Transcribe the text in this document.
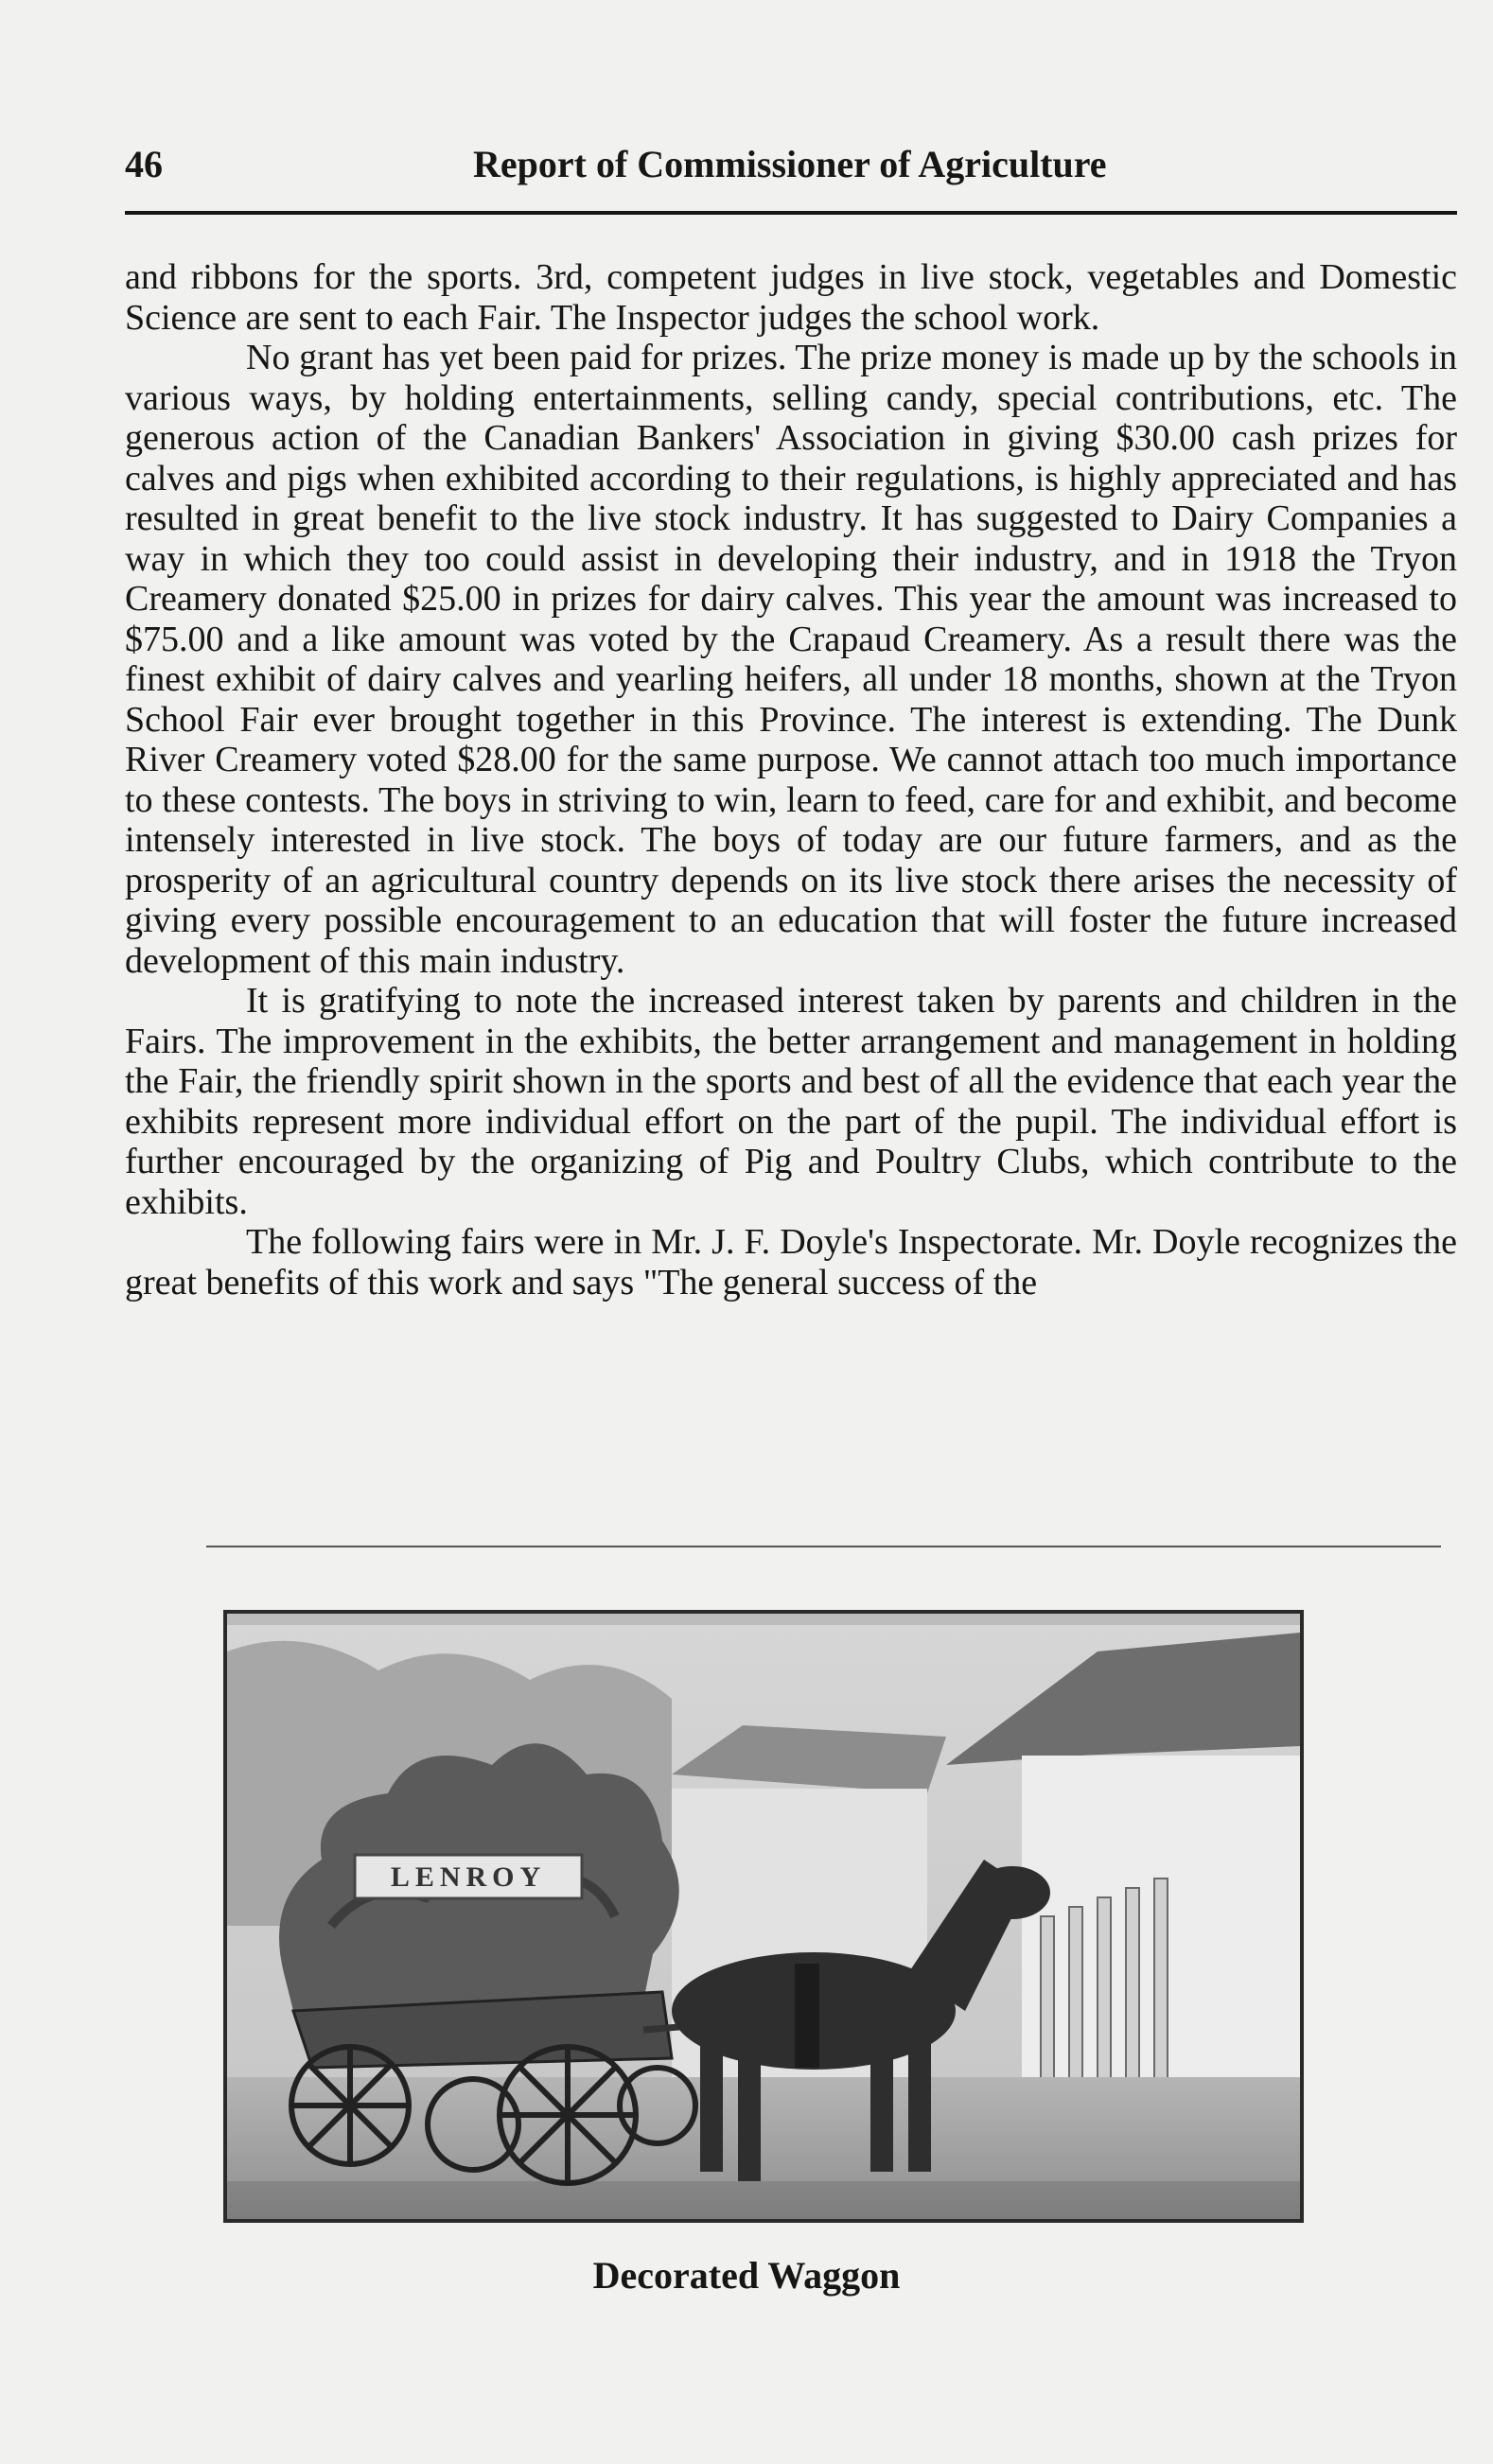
46	Report of Commissioner of Agriculture

and ribbons for the sports. 3rd, competent judges in live stock, vegetables and Domestic Science are sent to each Fair. The Inspector judges the school work.

No grant has yet been paid for prizes. The prize money is made up by the schools in various ways, by holding entertainments, selling candy, special contributions, etc. The generous action of the Canadian Bankers' Association in giving $30.00 cash prizes for calves and pigs when exhibited according to their regulations, is highly appreciated and has resulted in great benefit to the live stock industry. It has suggested to Dairy Companies a way in which they too could assist in developing their industry, and in 1918 the Tryon Creamery donated $25.00 in prizes for dairy calves. This year the amount was increased to $75.00 and a like amount was voted by the Crapaud Creamery. As a result there was the finest exhibit of dairy calves and yearling heifers, all under 18 months, shown at the Tryon School Fair ever brought together in this Province. The interest is extending. The Dunk River Creamery voted $28.00 for the same purpose. We cannot attach too much importance to these contests. The boys in striving to win, learn to feed, care for and exhibit, and become intensely interested in live stock. The boys of today are our future farmers, and as the prosperity of an agricultural country depends on its live stock there arises the necessity of giving every possible encouragement to an education that will foster the future increased development of this main industry.

It is gratifying to note the increased interest taken by parents and children in the Fairs. The improvement in the exhibits, the better arrangement and management in holding the Fair, the friendly spirit shown in the sports and best of all the evidence that each year the exhibits represent more individual effort on the part of the pupil. The individual effort is further encouraged by the organizing of Pig and Poultry Clubs, which contribute to the exhibits.

The following fairs were in Mr. J. F. Doyle's Inspectorate. Mr. Doyle recognizes the great benefits of this work and says "The general success of the

LENROY
Decorated Waggon
